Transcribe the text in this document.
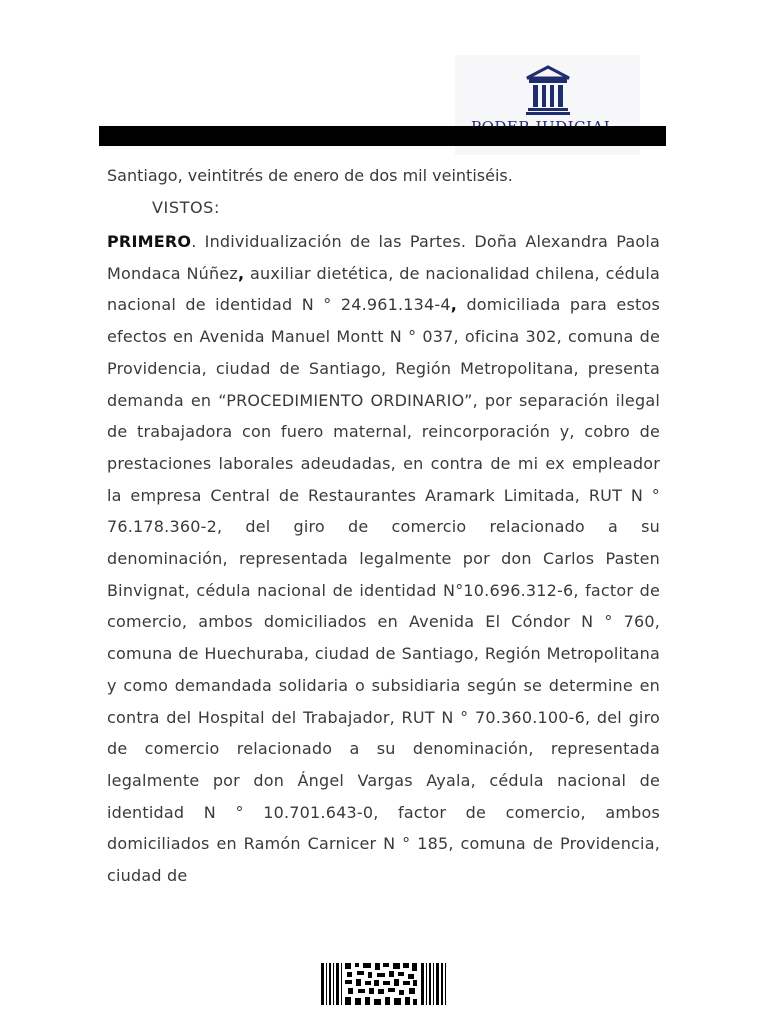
Santiago, veintitrés de enero de dos mil veintiséis.
VISTOS:

PRIMERO. Individualización de las Partes. Doña Alexandra Paola Mondaca Núñez, auxiliar dietética, de nacionalidad chilena, cédula nacional de identidad N ° 24.961.134-4, domiciliada para estos efectos en Avenida Manuel Montt N ° 037, oficina 302, comuna de Providencia, ciudad de Santiago, Región Metropolitana, presenta demanda en “PROCEDIMIENTO ORDINARIO”, por separación ilegal de trabajadora con fuero maternal, reincorporación y, cobro de prestaciones laborales adeudadas, en contra de mi ex empleador la empresa Central de Restaurantes Aramark Limitada, RUT N ° 76.178.360-2, del giro de comercio relacionado a su denominación, representada legalmente por don Carlos Pasten Binvignat, cédula nacional de identidad N°10.696.312-6, factor de comercio, ambos domiciliados en Avenida El Cóndor N ° 760, comuna de Huechuraba, ciudad de Santiago, Región Metropolitana y como demandada solidaria o subsidiaria según se determine en contra del Hospital del Trabajador, RUT N ° 70.360.100-6, del giro de comercio relacionado a su denominación, representada legalmente por don Ángel Vargas Ayala, cédula nacional de identidad N ° 10.701.643-0, factor de comercio, ambos domiciliados en Ramón Carnicer N ° 185, comuna de Providencia, ciudad de
